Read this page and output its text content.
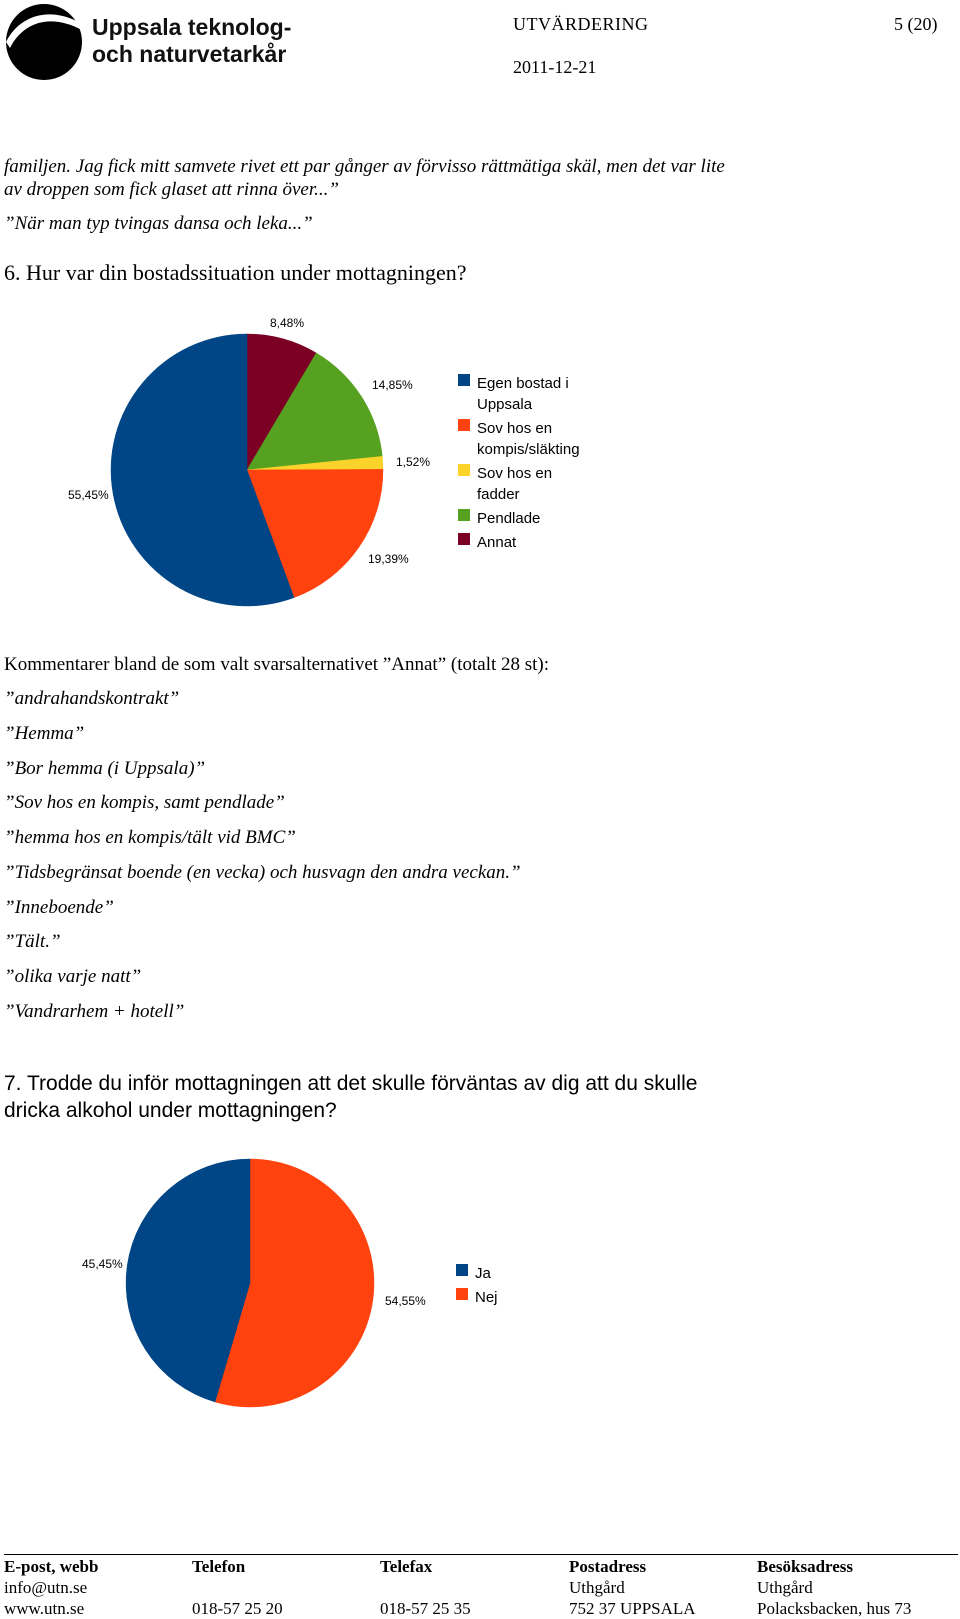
Uppsala teknolog-
och naturvetarkår
UTVÄRDERING
2011-12-21
5 (20)
familjen. Jag fick mitt samvete rivet ett par gånger av förvisso rättmätiga skäl, men det var lite
av droppen som fick glaset att rinna över...”
”När man typ tvingas dansa och leka...”
6. Hur var din bostadssituation under mottagningen?
8,48%
14,85%
1,52%
19,39%
55,45%
Egen bostad i
Uppsala
Sov hos en
kompis/släkting
Sov hos en
fadder
Pendlade
Annat
Kommentarer bland de som valt svarsalternativet ”Annat” (totalt 28 st):
”andrahandskontrakt”
”Hemma”
”Bor hemma (i Uppsala)”
”Sov hos en kompis, samt pendlade”
”hemma hos en kompis/tält vid BMC”
”Tidsbegränsat boende (en vecka) och husvagn den andra veckan.”
”Inneboende”
”Tält.”
”olika varje natt”
”Vandrarhem + hotell”
7. Trodde du inför mottagningen att det skulle förväntas av dig att du skulle
dricka alkohol under mottagningen?
54,55%
45,45%
Ja
Nej
E-post, webb
info@utn.se
www.utn.se
Telefon
018-57 25 20
Telefax
018-57 25 35
Postadress
Uthgård
752 37 UPPSALA
Besöksadress
Uthgård
Polacksbacken, hus 73
